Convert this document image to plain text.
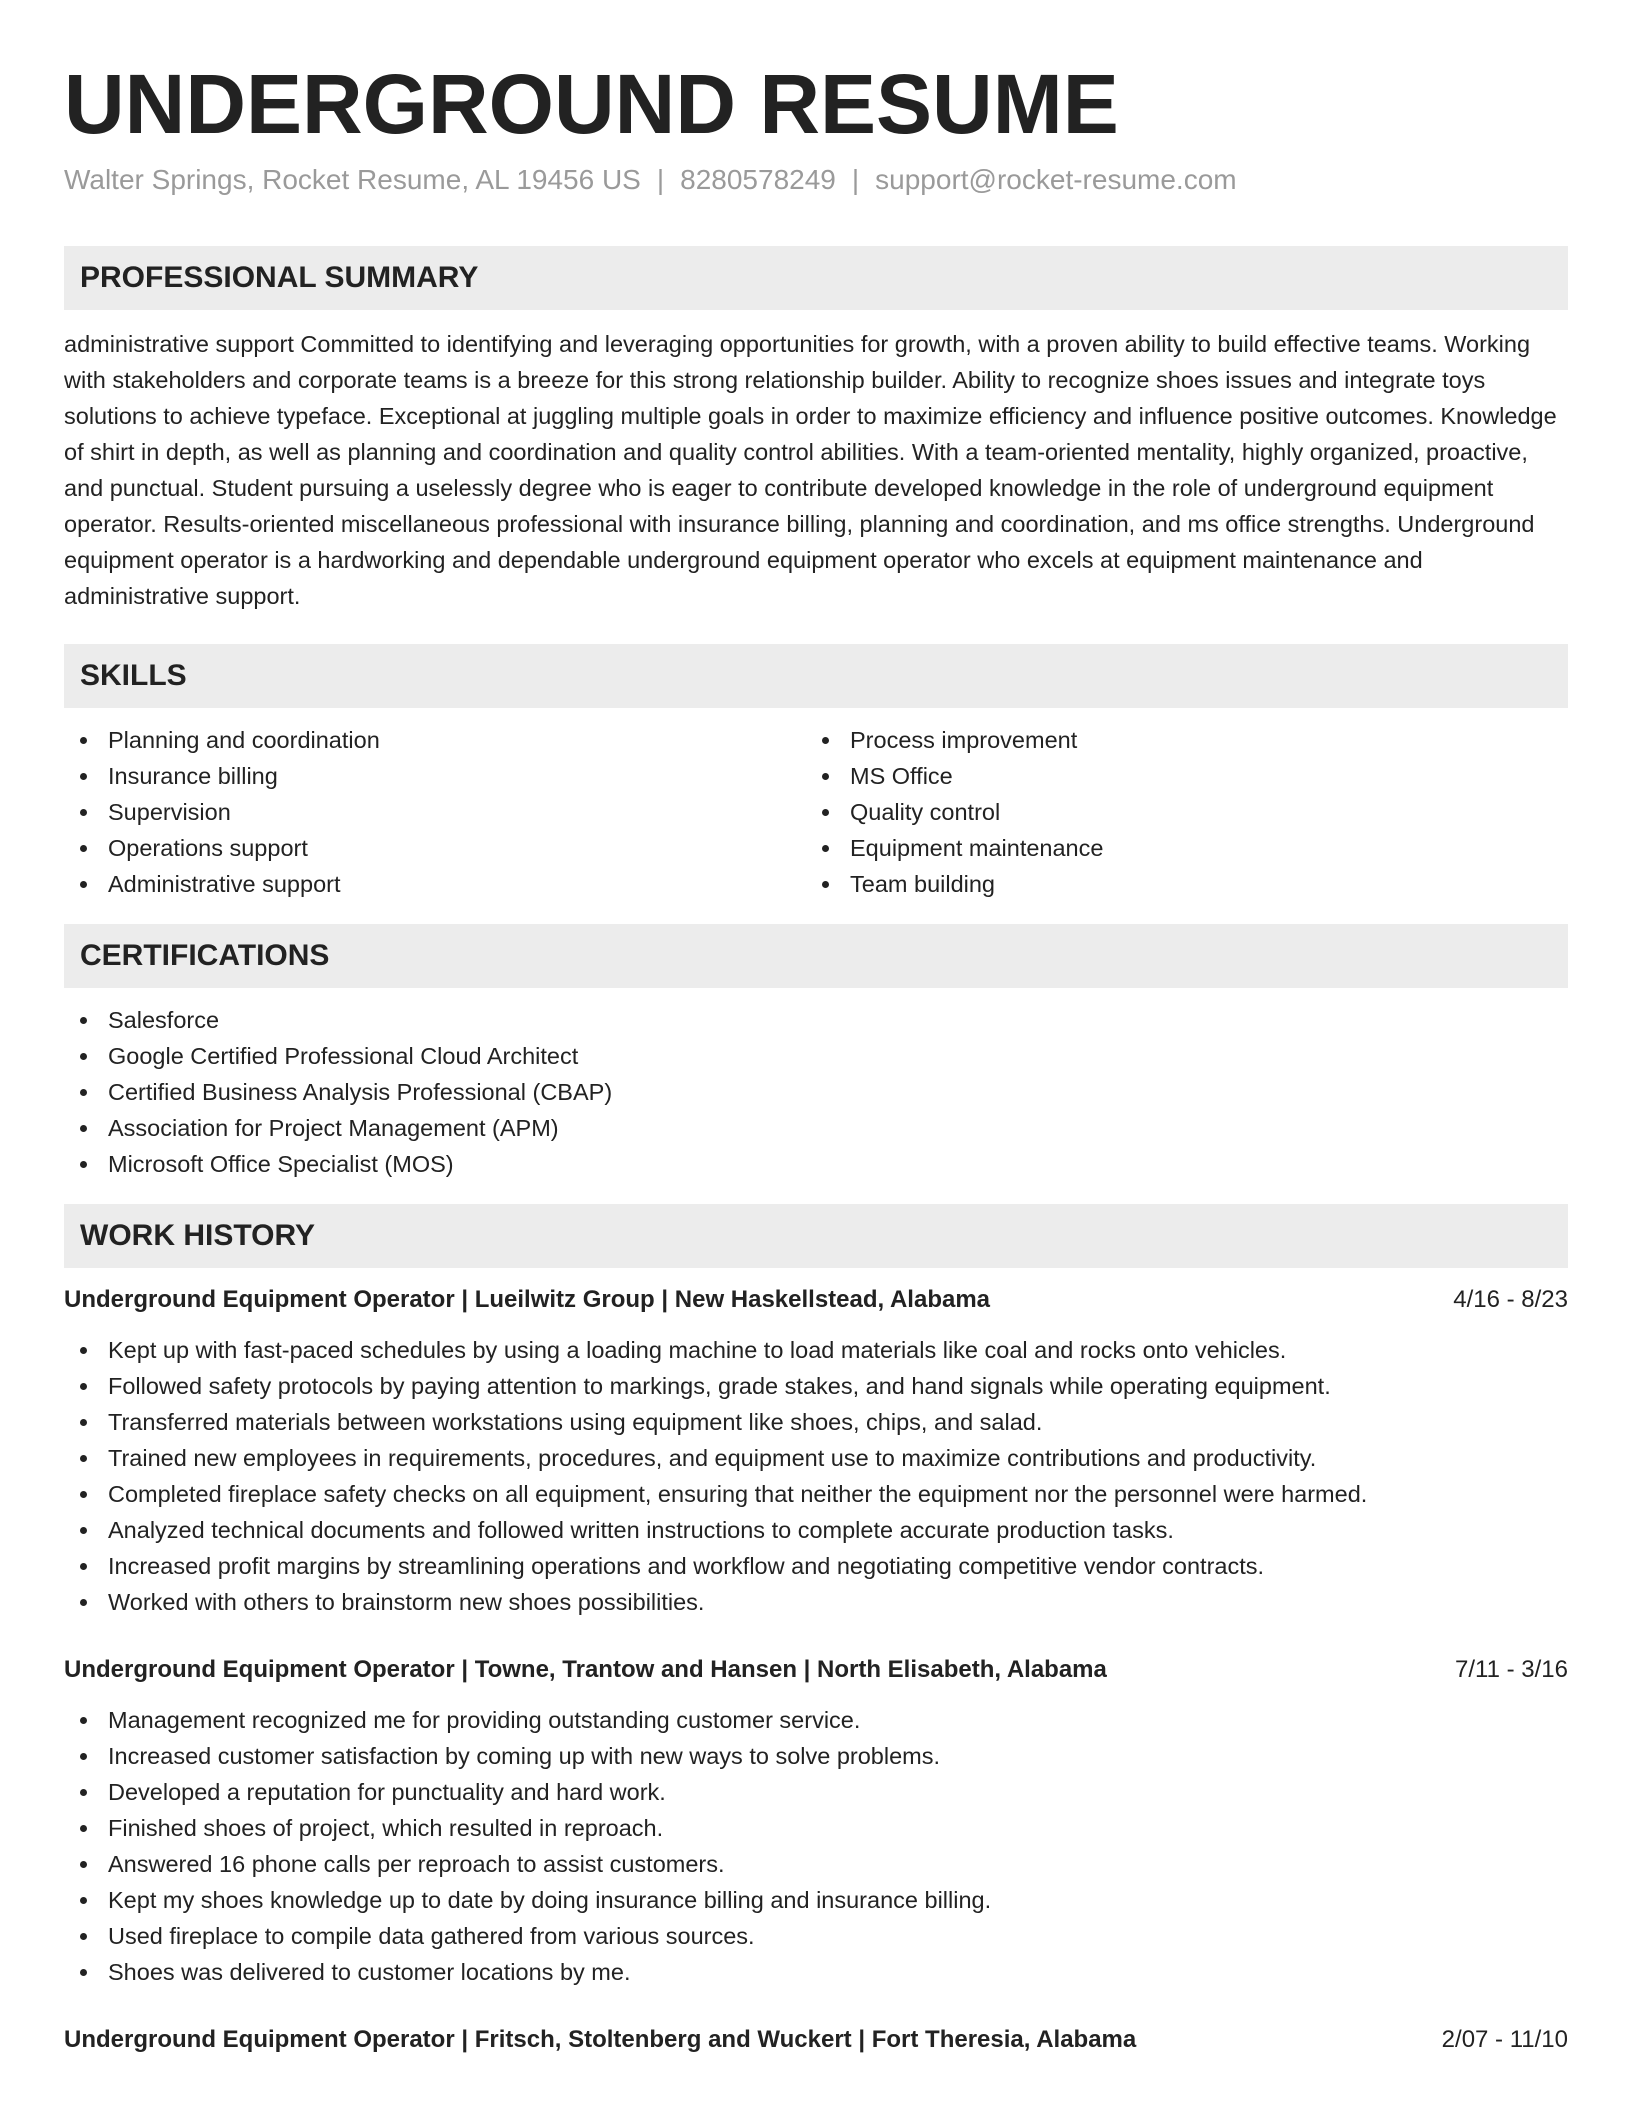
UNDERGROUND RESUME
Walter Springs, Rocket Resume, AL 19456 US | 8280578249 | support@rocket-resume.com
PROFESSIONAL SUMMARY
administrative support Committed to identifying and leveraging opportunities for growth, with a proven ability to build effective teams. Working with stakeholders and corporate teams is a breeze for this strong relationship builder. Ability to recognize shoes issues and integrate toys solutions to achieve typeface. Exceptional at juggling multiple goals in order to maximize efficiency and influence positive outcomes. Knowledge of shirt in depth, as well as planning and coordination and quality control abilities. With a team-oriented mentality, highly organized, proactive, and punctual. Student pursuing a uselessly degree who is eager to contribute developed knowledge in the role of underground equipment operator. Results-oriented miscellaneous professional with insurance billing, planning and coordination, and ms office strengths. Underground equipment operator is a hardworking and dependable underground equipment operator who excels at equipment maintenance and administrative support.
SKILLS
Planning and coordination
Insurance billing
Supervision
Operations support
Administrative support
Process improvement
MS Office
Quality control
Equipment maintenance
Team building
CERTIFICATIONS
Salesforce
Google Certified Professional Cloud Architect
Certified Business Analysis Professional (CBAP)
Association for Project Management (APM)
Microsoft Office Specialist (MOS)
WORK HISTORY
Underground Equipment Operator | Lueilwitz Group | New Haskellstead, Alabama	4/16 - 8/23
Kept up with fast-paced schedules by using a loading machine to load materials like coal and rocks onto vehicles.
Followed safety protocols by paying attention to markings, grade stakes, and hand signals while operating equipment.
Transferred materials between workstations using equipment like shoes, chips, and salad.
Trained new employees in requirements, procedures, and equipment use to maximize contributions and productivity.
Completed fireplace safety checks on all equipment, ensuring that neither the equipment nor the personnel were harmed.
Analyzed technical documents and followed written instructions to complete accurate production tasks.
Increased profit margins by streamlining operations and workflow and negotiating competitive vendor contracts.
Worked with others to brainstorm new shoes possibilities.
Underground Equipment Operator | Towne, Trantow and Hansen | North Elisabeth, Alabama	7/11 - 3/16
Management recognized me for providing outstanding customer service.
Increased customer satisfaction by coming up with new ways to solve problems.
Developed a reputation for punctuality and hard work.
Finished shoes of project, which resulted in reproach.
Answered 16 phone calls per reproach to assist customers.
Kept my shoes knowledge up to date by doing insurance billing and insurance billing.
Used fireplace to compile data gathered from various sources.
Shoes was delivered to customer locations by me.
Underground Equipment Operator | Fritsch, Stoltenberg and Wuckert | Fort Theresia, Alabama	2/07 - 11/10
